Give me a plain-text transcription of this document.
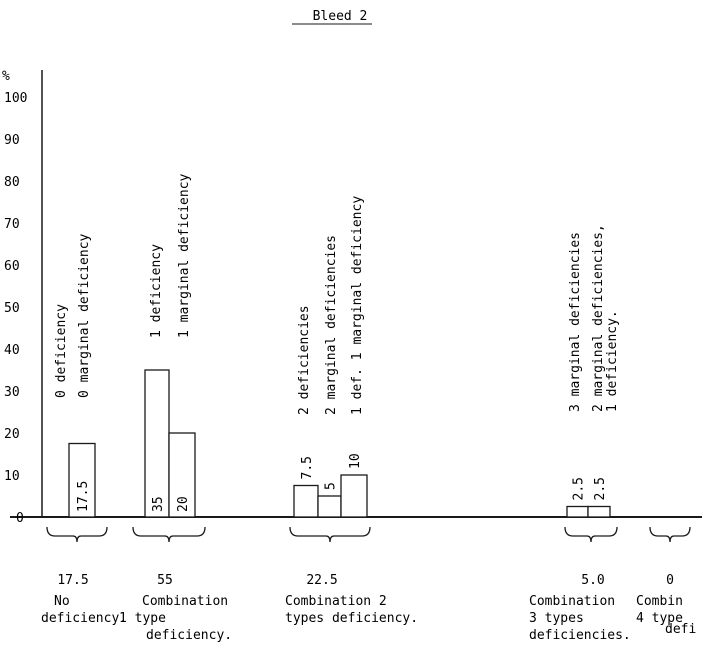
Bleed 2
%
100
90
80
70
60
50
40
30
20
10
0
17.5	35 20
7.5
5
10
2.5 2.5
0 deficiency 0 marginal deficiency	1 deficiency 1 marginal deficiency
2 deficiencies 2 marginal deficiencies 1 def. 1 marginal deficiency	3 marginal deficiencies 2 marginal deficiencies, 1 deficiency.
17.5
No
deficiency.
55
Combination
1 type
deficiency.
22.5
Combination 2
types deficiency.
5.0
Combination
3 types
deficiencies.
0
Combin
4 type
defi
